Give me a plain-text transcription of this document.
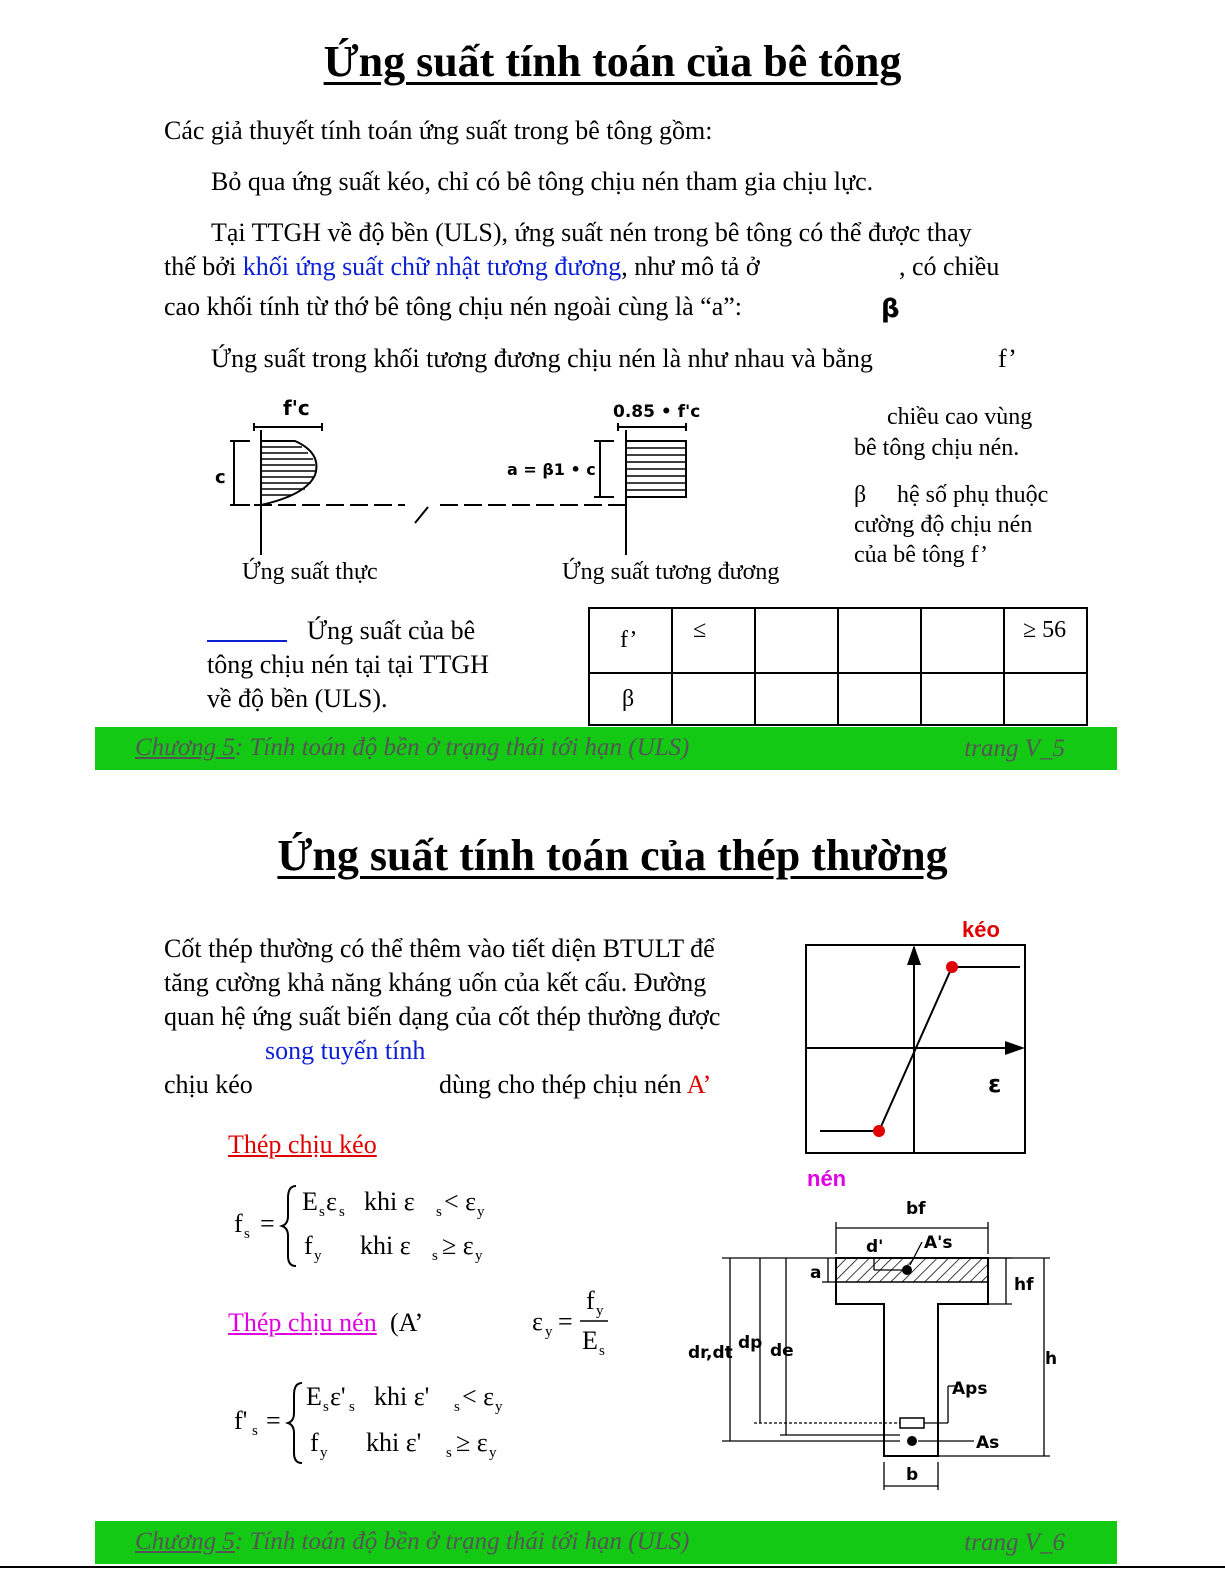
Ứng suất tính toán của bê tông
Các giả thuyết tính toán ứng suất trong bê tông gồm:
Bỏ qua ứng suất kéo, chỉ có bê tông chịu nén tham gia chịu lực.
Tại TTGH về độ bền (ULS), ứng suất nén trong bê tông có thể được thay
thế bởi khối ứng suất chữ nhật tương đương, như mô tả ở	, có chiều
cao khối tính từ thớ bê tông chịu nén ngoài cùng là “a”:	β
Ứng suất trong khối tương đương chịu nén là như nhau và bằng	f’
f'c
c
0.85 • f'c
a = β1 • c
Ứng suất thực	Ứng suất tương đương
chiều cao vùng
bê tông chịu nén.
β hệ số phụ thuộc
cường độ chịu nén
của bê tông f’
Ứng suất của bê
tông chịu nén tại tại TTGH
về độ bền (ULS).
f’	≤				≥ 56
β					
Chương 5: Tính toán độ bền ở trạng thái tới hạn (ULS)	trang V_5
Ứng suất tính toán của thép thường
Cốt thép thường có thể thêm vào tiết diện BTULT để
tăng cường khả năng kháng uốn của kết cấu. Đường
quan hệ ứng suất biến dạng của cốt thép thường được
song tuyến tính
chịu kéo	dùng cho thép chịu nén A’
kéo
ε
nén
Thép chịu kéo
f s =
E s ε s khi ε s < ε y
f y khi ε s ≥ ε y
Thép chịu nén (A’	ε y =
f y
E s
f' s =
E s ε' s khi ε' s < ε y
f y khi ε' s ≥ ε y
bf
d' A's
a
hf
dr,dt dp de	h
Aps
As
b
Chương 5: Tính toán độ bền ở trạng thái tới hạn (ULS)	trang V_6
